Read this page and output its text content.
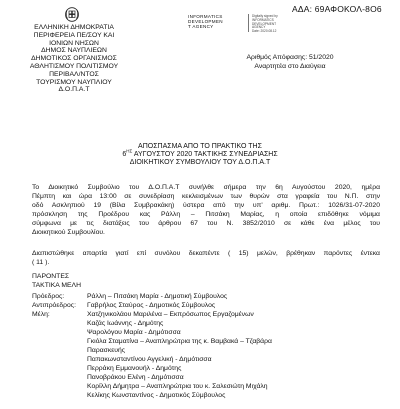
ΑΔΑ: 69ΑΦΟΚΟΛ-8Ο6
INFORMATICS
DEVELOPMEN
T AGENCY
Digitally signed by
INFORMATICS
DEVELOPMENT
AGENCY
Date: 2020.08.12
ΕΛΛΗΝΙΚΗ ΔΗΜΟΚΡΑΤΙΑ
ΠΕΡΙΦΕΡΕΙΑ ΠΕ/ΣΟΥ ΚΑΙ
ΙΟΝΙΩΝ ΝΗΣΩΝ
ΔΗΜΟΣ ΝΑΥΠΛΙΕΩΝ
ΔΗΜΟΤΙΚΟΣ ΟΡΓΑΝΙΣΜΟΣ
ΑΘΛΗΤΙΣΜΟΥ ΠΟΛΙΤΙΣΜΟΥ
ΠΕΡΙΒΑΛ/ΝΤΟΣ
ΤΟΥΡΙΣΜΟΥ ΝΑΥΠΛΙΟΥ
Δ.Ο.Π.Α.Τ
Αριθμός Απόφασης: 51/2020
Αναρτητέα στο Διαύγεια
ΑΠΟΣΠΑΣΜΑ ΑΠΟ ΤΟ ΠΡΑΚΤΙΚΟ ΤΗΣ
$6^{H\Sigma}$ ΑΥΓΟΥΣΤΟΥ 2020 ΤΑΚΤΙΚΗΣ ΣΥΝΕΔΡΙΑΣΗΣ
ΔΙΟΙΚΗΤΙΚΟΥ ΣΥΜΒΟΥΛΙΟΥ ΤΟΥ Δ.Ο.Π.Α.Τ
Το Διοικητικό Συμβούλιο του Δ.Ο.Π.Α.Τ συνήλθε σήμερα την 6η Αυγούστου 2020, ημέρα
Πέμπτη και ώρα 13:00 σε συνεδρίαση κεκλεισμένων των θυρών στα γραφεία του Ν.Π. στην
οδό Ασκληπιού 19 (Βίλα Συμβρακάκη) ύστερα από την υπ' αριθμ. Πρωτ.: 1026/31-07-2020
πρόσκληση της Προέδρου κας Ράλλη – Πιτσάκη Μαρίας, η οποία επιδόθηκε νόμιμα
σύμφωνα με τις διατάξεις του άρθρου 67 του Ν. 3852/2010 σε κάθε ένα μέλος του
Διοικητικού Συμβουλίου.
Διαπιστώθηκε απαρτία γιατί επί συνόλου δεκαπέντε ( 15) μελών, βρέθηκαν παρόντες έντεκα
( 11 ).
ΠΑΡΟΝΤΕΣ
ΤΑΚΤΙΚΑ ΜΕΛΗ
Πρόεδρος:	Ράλλη – Πιτσάκη Μαρία - Δημοτική Σύμβουλος
Αντιπρόεδρος: Γαβρήλος Σταύρος - Δημοτικός Σύμβουλος
Μέλη:	Χατζηνικολάου Μαριλένα – Εκπρόσωπος Εργαζομένων
Καζάς Ιωάννης - Δημότης
Ψαρολόγου Μαρία - Δημότισσα
Γκιόλα Σταματίνα – Αναπληρώτρια της κ. Βαμβακά – Τζαβάρα
Παρασκευής
Παπακωνσταντίνου Αγγελική - Δημότισσα
Περράκη Εμμανουήλ - Δημότης
Πανοβράκου Ελένη - Δημότισσα
Κορίλλη Δήμητρα – Αναπληρώτρια του κ. Σαλεσιώτη Μιχάλη
Κελίκης Κωνσταντίνος - Δημοτικός Σύμβουλος
